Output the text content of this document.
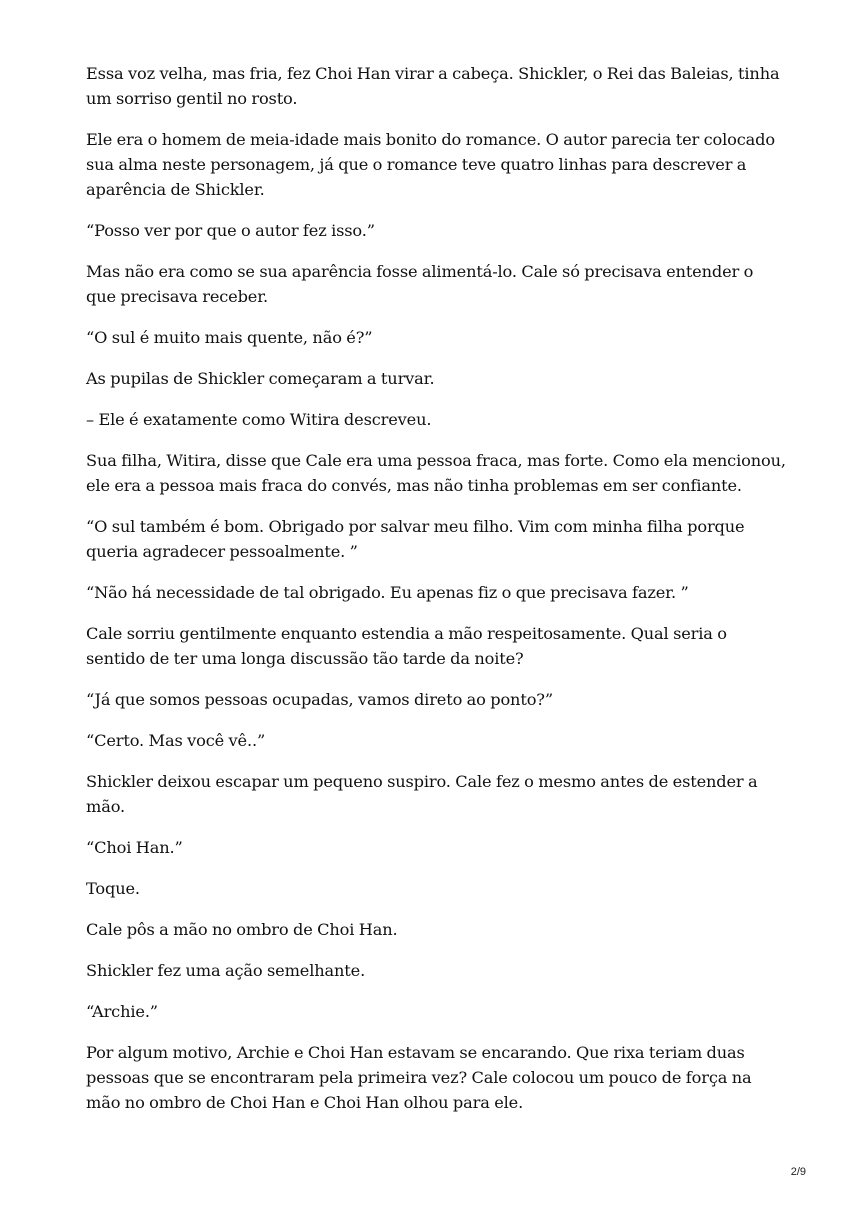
Essa voz velha, mas fria, fez Choi Han virar a cabeça. Shickler, o Rei das Baleias, tinha um sorriso gentil no rosto.

Ele era o homem de meia-idade mais bonito do romance. O autor parecia ter colocado sua alma neste personagem, já que o romance teve quatro linhas para descrever a aparência de Shickler.

“Posso ver por que o autor fez isso.”

Mas não era como se sua aparência fosse alimentá-lo. Cale só precisava entender o que precisava receber.

“O sul é muito mais quente, não é?”

As pupilas de Shickler começaram a turvar.

– Ele é exatamente como Witira descreveu.

Sua filha, Witira, disse que Cale era uma pessoa fraca, mas forte. Como ela mencionou, ele era a pessoa mais fraca do convés, mas não tinha problemas em ser confiante.

“O sul também é bom. Obrigado por salvar meu filho. Vim com minha filha porque queria agradecer pessoalmente. ”

“Não há necessidade de tal obrigado. Eu apenas fiz o que precisava fazer. ”

Cale sorriu gentilmente enquanto estendia a mão respeitosamente. Qual seria o sentido de ter uma longa discussão tão tarde da noite?

“Já que somos pessoas ocupadas, vamos direto ao ponto?”

“Certo. Mas você vê..”

Shickler deixou escapar um pequeno suspiro. Cale fez o mesmo antes de estender a mão.

“Choi Han.”

Toque.

Cale pôs a mão no ombro de Choi Han.

Shickler fez uma ação semelhante.

“Archie.”

Por algum motivo, Archie e Choi Han estavam se encarando. Que rixa teriam duas pessoas que se encontraram pela primeira vez? Cale colocou um pouco de força na mão no ombro de Choi Han e Choi Han olhou para ele.

2/9
